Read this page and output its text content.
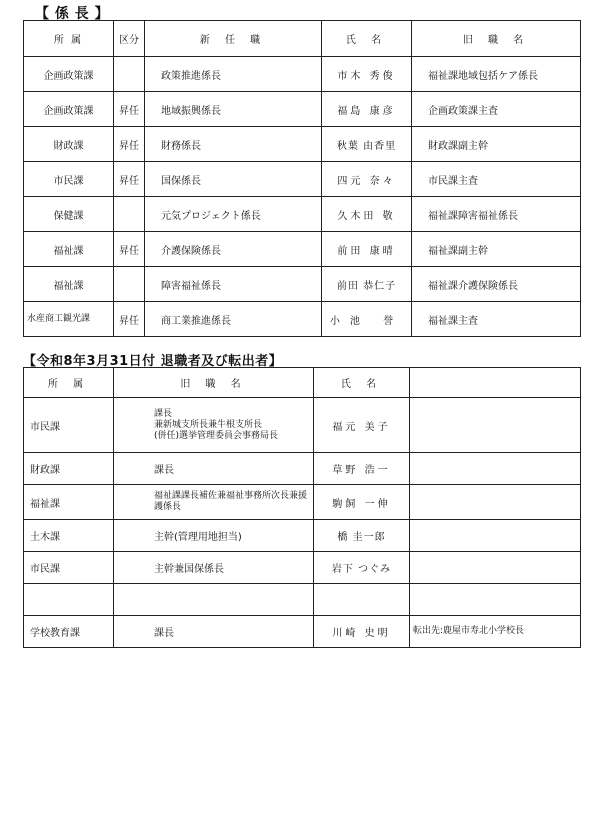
【 係 長 】
所 属	区分	新 任 職	氏 名	旧 職 名
企画政策課		政策推進係長	市木 秀俊	福祉課地域包括ケア係長
企画政策課	昇任	地域振興係長	福島 康彦	企画政策課主査
財政課	昇任	財務係長	秋葉 由香里	財政課副主幹
市民課	昇任	国保係長	四元 奈々	市民課主査
保健課		元気プロジェクト係長	久木田 敬	福祉課障害福祉係長
福祉課	昇任	介護保険係長	前田 康晴	福祉課副主幹
福祉課		障害福祉係長	前田 恭仁子	福祉課介護保険係長
水産商工観光課	昇任	商工業推進係長	小池 誉	福祉課主査
【令和8年3月31日付 退職者及び転出者】
所 属	旧 職 名	氏 名	
市民課	課長
兼新城支所長兼牛根支所長
(併任)選挙管理委員会事務局長	福元 美子	
財政課	課長	草野 浩一	
福祉課	福祉課課長補佐兼福祉事務所次長兼援護係長	駒飼 一伸	
土木課	主幹(管理用地担当)	橋 圭一郎	
市民課	主幹兼国保係長	岩下 つぐみ	

学校教育課	課長	川崎 史明	転出先:鹿屋市寿北小学校長
